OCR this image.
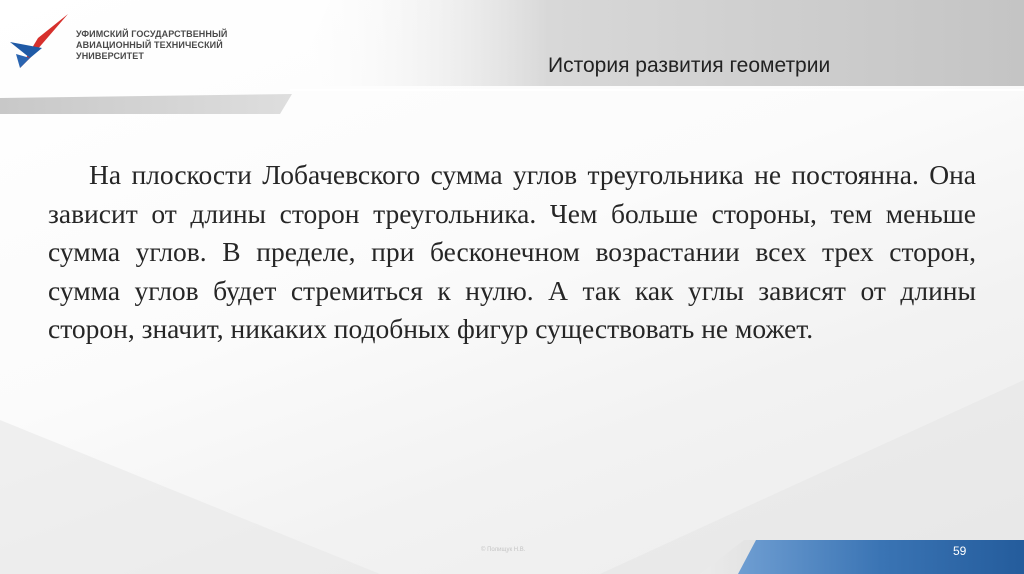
УФИМСКИЙ ГОСУДАРСТВЕННЫЙ
АВИАЦИОННЫЙ ТЕХНИЧЕСКИЙ
УНИВЕРСИТЕТ	История развития геометрии
На плоскости Лобачевского сумма углов треугольника не постоянна. Она зависит от длины сторон треугольника. Чем больше стороны, тем меньше сумма углов. В пределе, при бесконечном возрастании всех трех сторон, сумма углов будет стремиться к нулю. А так как углы зависят от длины сторон, значит, никаких подобных фигур существовать не может.
© Полищук Н.В.	59
